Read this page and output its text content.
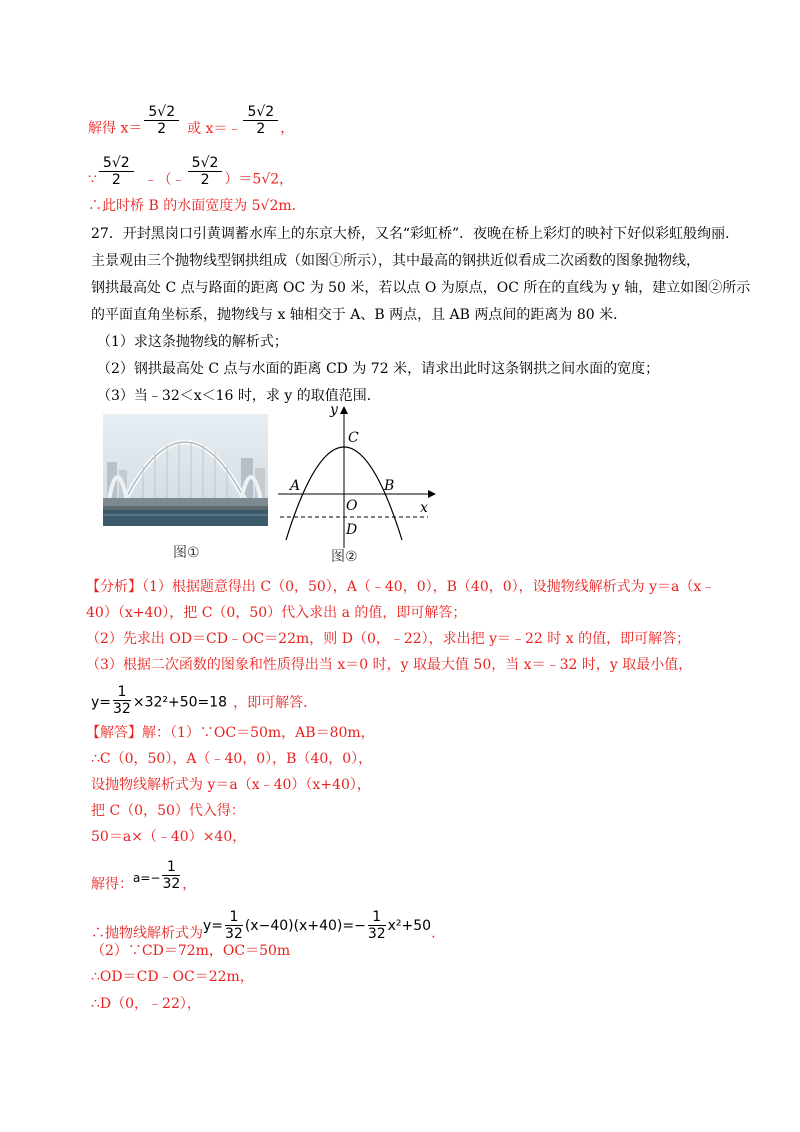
解得 $x= \frac{5√2}{2}$ 或 x＝﹣ $\frac{5√2}{2}$ ，
∵ $\frac{5√2}{2}$ ﹣（﹣ $\frac{5√2}{2} )=5√2$，
∴此时桥 B 的水面宽度为 5√2m．
27．开封黑岗口引黄调蓄水库上的东京大桥，又名“彩虹桥”．夜晚在桥上彩灯的映衬下好似彩虹般绚丽．
主景观由三个抛物线型钢拱组成（如图①所示），其中最高的钢拱近似看成二次函数的图象抛物线，
钢拱最高处 C 点与路面的距离 OC 为 50 米，若以点 O 为原点，OC 所在的直线为 y 轴，建立如图②所示
的平面直角坐标系，抛物线与 x 轴相交于 A、B 两点，且 AB 两点间的距离为 80 米．
（1）求这条抛物线的解析式；
（2）钢拱最高处 C 点与水面的距离 CD 为 72 米，请求出此时这条钢拱之间水面的宽度；
（3）当﹣32＜x＜16 时，求 y 的取值范围．
图①
y
x
C
A	B
O
D
图②
【分析】（1）根据题意得出 C（0，50），A（﹣40，0），B（40，0），设抛物线解析式为 y＝a（x﹣
40）（x+40），把 C（0，50）代入求出 a 的值，即可解答；
（2）先求出 OD＝CD﹣OC＝22m，则 D（0，﹣22），求出把 y＝﹣22 时 x 的值，即可解答；
（3）根据二次函数的图象和性质得出当 x＝0 时，y 取最大值 50，当 x＝﹣32 时，y 取最小值，
$y= \frac{1}{32} \times 32^2+50=18$ ，即可解答．
【解答】解：（1）∵OC＝50m，AB＝80m，
∴C（0，50），A（﹣40，0），B（40，0），
设抛物线解析式为 y＝a（x﹣40）（x+40），
把 C（0，50）代入得：
50＝a×（﹣40）×40，
解得：$a=- \frac{1}{32}$ ，
∴抛物线解析式为$y= \frac{1}{32} (x-40)(x+40)=- \frac{1}{32} x^2+50$.
（2）∵CD＝72m，OC＝50m
∴OD＝CD﹣OC＝22m，
∴D（0，﹣22），
